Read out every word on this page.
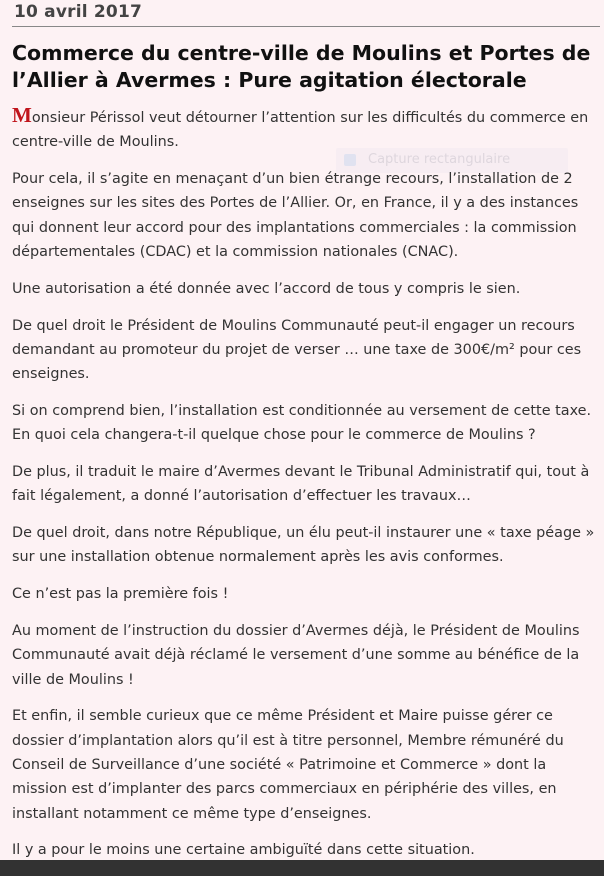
10 avril 2017
Commerce du centre-ville de Moulins et Portes de l’Allier à Avermes : Pure agitation électorale
Capture rectangulaire

Monsieur Périssol veut détourner l’attention sur les difficultés du commerce en centre-ville de Moulins.

Pour cela, il s’agite en menaçant d’un bien étrange recours, l’installation de 2 enseignes sur les sites des Portes de l’Allier. Or, en France, il y a des instances qui donnent leur accord pour des implantations commerciales : la commission départementales (CDAC) et la commission nationales (CNAC).

Une autorisation a été donnée avec l’accord de tous y compris le sien.

De quel droit le Président de Moulins Communauté peut-il engager un recours demandant au promoteur du projet de verser … une taxe de 300€/m² pour ces enseignes.

Si on comprend bien, l’installation est conditionnée au versement de cette taxe. En quoi cela changera-t-il quelque chose pour le commerce de Moulins ?

De plus, il traduit le maire d’Avermes devant le Tribunal Administratif qui, tout à fait légalement, a donné l’autorisation d’effectuer les travaux…

De quel droit, dans notre République, un élu peut-il instaurer une « taxe péage » sur une installation obtenue normalement après les avis conformes.

Ce n’est pas la première fois !

Au moment de l’instruction du dossier d’Avermes déjà, le Président de Moulins Communauté avait déjà réclamé le versement d’une somme au bénéfice de la ville de Moulins !

Et enfin, il semble curieux que ce même Président et Maire puisse gérer ce dossier d’implantation alors qu’il est à titre personnel, Membre rémunéré du Conseil de Surveillance d’une société « Patrimoine et Commerce » dont la mission est d’implanter des parcs commerciaux en périphérie des villes, en installant notamment ce même type d’enseignes.

Il y a pour le moins une certaine ambiguïté dans cette situation.
